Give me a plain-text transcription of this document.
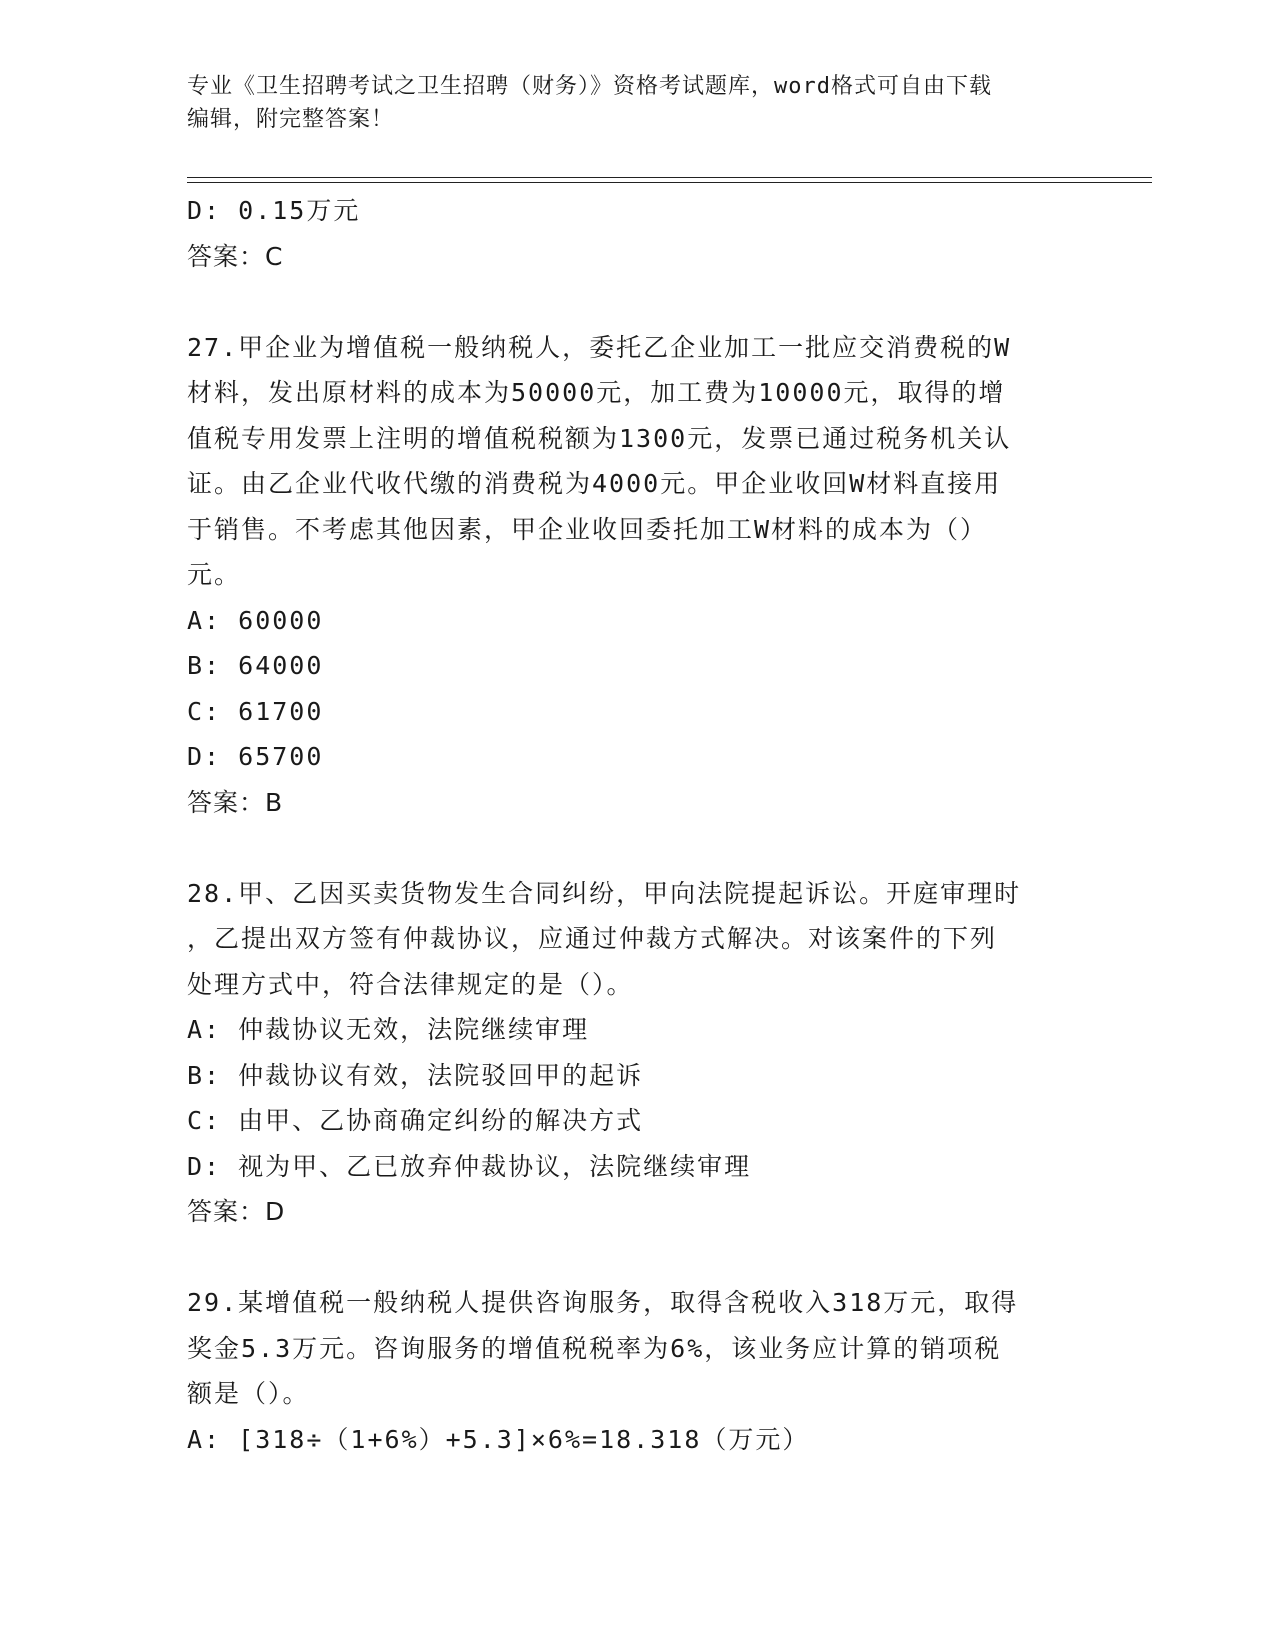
专业《卫生招聘考试之卫生招聘（财务）》资格考试题库，word格式可自由下载
编辑，附完整答案！
D: 0.15万元
答案：C
27.甲企业为增值税一般纳税人，委托乙企业加工一批应交消费税的W
材料，发出原材料的成本为50000元，加工费为10000元，取得的增
值税专用发票上注明的增值税税额为1300元，发票已通过税务机关认
证。由乙企业代收代缴的消费税为4000元。甲企业收回W材料直接用
于销售。不考虑其他因素，甲企业收回委托加工W材料的成本为（）
元。
A: 60000
B: 64000
C: 61700
D: 65700
答案：B
28.甲、乙因买卖货物发生合同纠纷，甲向法院提起诉讼。开庭审理时
，乙提出双方签有仲裁协议，应通过仲裁方式解决。对该案件的下列
处理方式中，符合法律规定的是（）。
A: 仲裁协议无效，法院继续审理
B: 仲裁协议有效，法院驳回甲的起诉
C: 由甲、乙协商确定纠纷的解决方式
D: 视为甲、乙已放弃仲裁协议，法院继续审理
答案：D
29.某增值税一般纳税人提供咨询服务，取得含税收入318万元，取得
奖金5.3万元。咨询服务的增值税税率为6%，该业务应计算的销项税
额是（）。
A: [318÷（1+6%）+5.3]×6%=18.318（万元）
